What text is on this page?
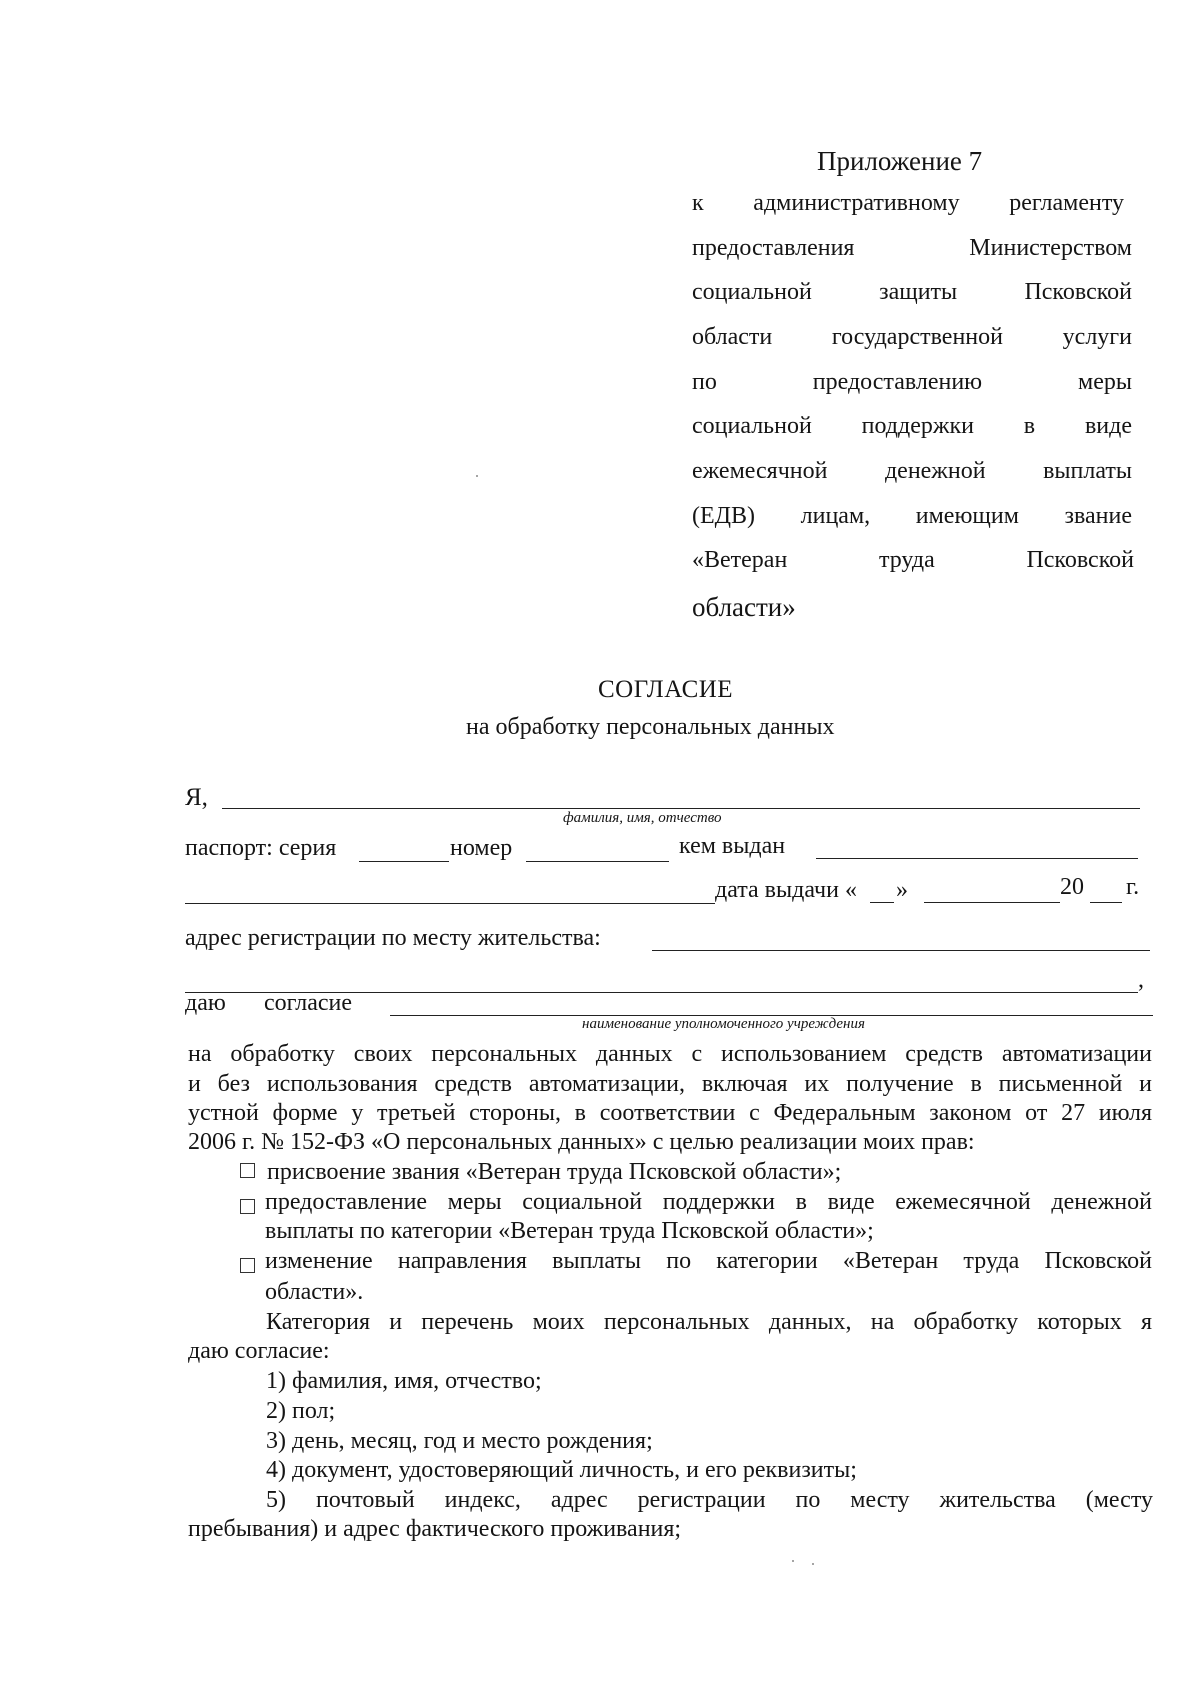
Приложение 7
к административному регламенту
предоставления Министерством
социальной защиты Псковской
области государственной услуги
по предоставлению меры
социальной поддержки в виде
ежемесячной денежной выплаты
(ЕДВ) лицам, имеющим звание
«Ветеран труда Псковской
области»
СОГЛАСИЕ
на обработку персональных данных
Я,
фамилия, имя, отчество
паспорт: серия	номер	кем выдан
дата выдачи « »	20 г.
адрес регистрации по месту жительства:
,
даю согласие
наименование уполномоченного учреждения
на обработку своих персональных данных с использованием средств автоматизации
и без использования средств автоматизации, включая их получение в письменной и
устной форме у третьей стороны, в соответствии с Федеральным законом от 27 июля
2006 г. № 152-ФЗ «О персональных данных» с целью реализации моих прав:
присвоение звания «Ветеран труда Псковской области»;
предоставление меры социальной поддержки в виде ежемесячной денежной
выплаты по категории «Ветеран труда Псковской области»;
изменение направления выплаты по категории «Ветеран труда Псковской
области».
Категория и перечень моих персональных данных, на обработку которых я
даю согласие:
1) фамилия, имя, отчество;
2) пол;
3) день, месяц, год и место рождения;
4) документ, удостоверяющий личность, и его реквизиты;
5) почтовый индекс, адрес регистрации по месту жительства (месту
пребывания) и адрес фактического проживания;
